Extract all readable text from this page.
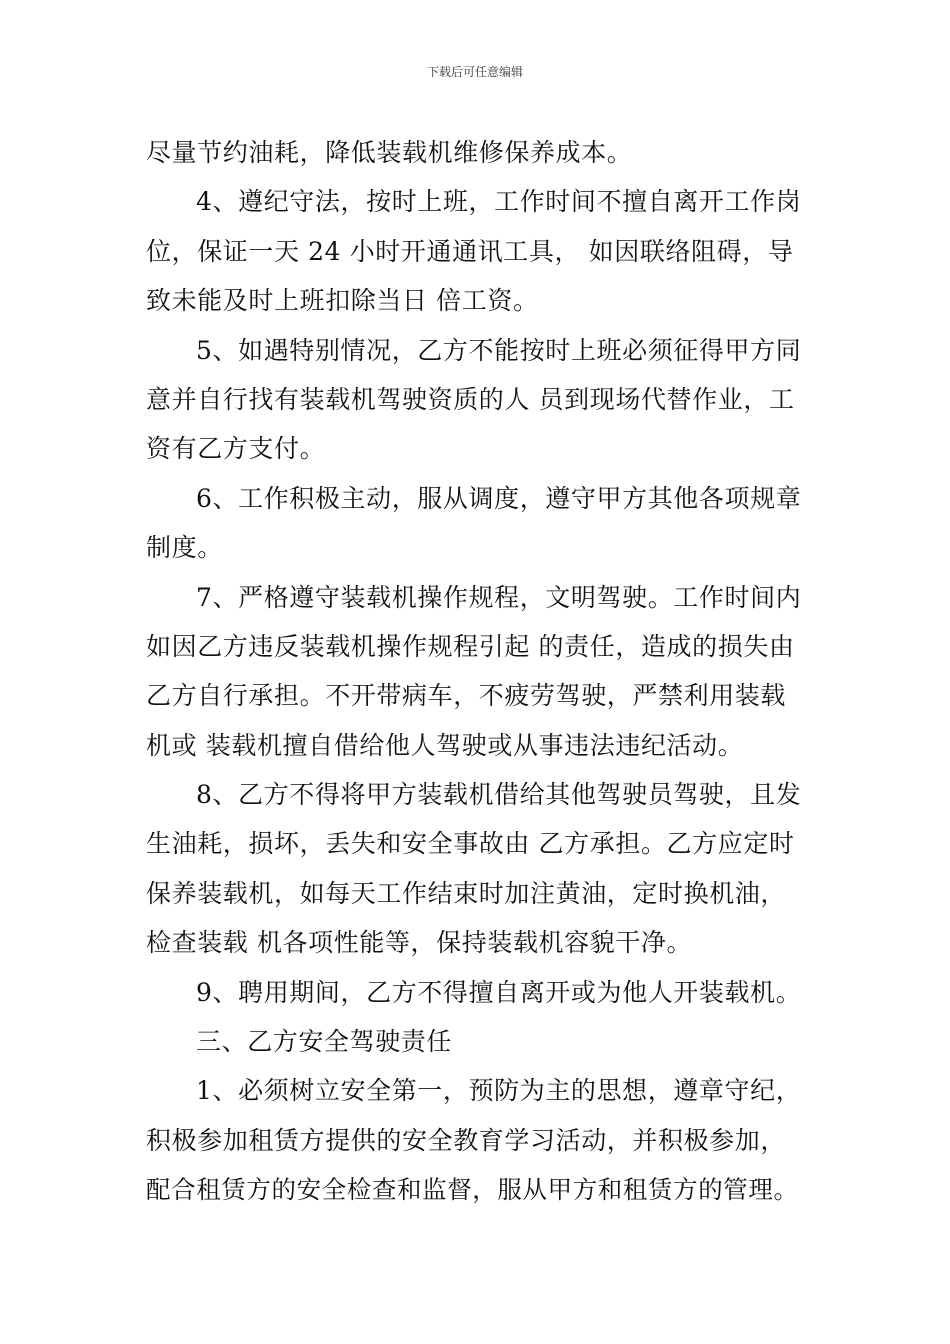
下载后可任意编辑
尽量节约油耗，降低装载机维修保养成本。
4、遵纪守法，按时上班，工作时间不擅自离开工作岗
位，保证一天 24 小时开通通讯工具， 如因联络阻碍，导
致未能及时上班扣除当日 倍工资。
5、如遇特别情况，乙方不能按时上班必须征得甲方同
意并自行找有装载机驾驶资质的人 员到现场代替作业，工
资有乙方支付。
6、工作积极主动，服从调度，遵守甲方其他各项规章
制度。
7、严格遵守装载机操作规程，文明驾驶。工作时间内
如因乙方违反装载机操作规程引起 的责任，造成的损失由
乙方自行承担。不开带病车，不疲劳驾驶，严禁利用装载
机或 装载机擅自借给他人驾驶或从事违法违纪活动。
8、乙方不得将甲方装载机借给其他驾驶员驾驶，且发
生油耗，损坏，丢失和安全事故由 乙方承担。乙方应定时
保养装载机，如每天工作结束时加注黄油，定时换机油，
检查装载 机各项性能等，保持装载机容貌干净。
9、聘用期间，乙方不得擅自离开或为他人开装载机。
三、乙方安全驾驶责任
1、必须树立安全第一，预防为主的思想，遵章守纪，
积极参加租赁方提供的安全教育学习活动，并积极参加，
配合租赁方的安全检查和监督，服从甲方和租赁方的管理。
